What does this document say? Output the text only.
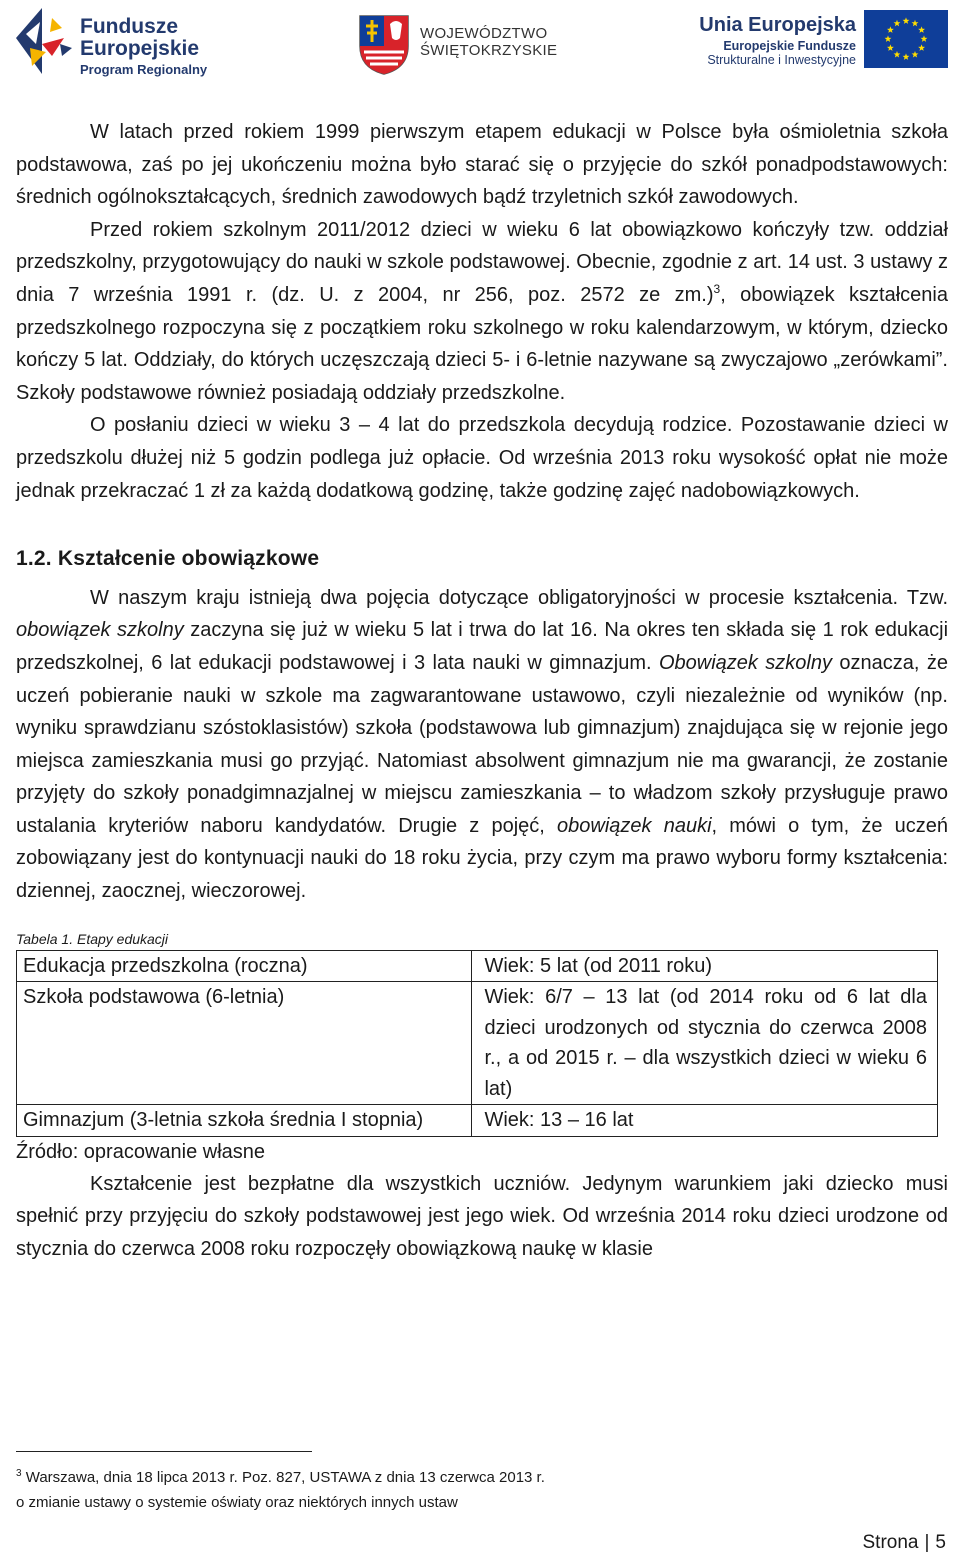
Fundusze
Europejskie
Program Regionalny
WOJEWÓDZTWO
ŚWIĘTOKRZYSKIE
Unia Europejska
Europejskie Fundusze
Strukturalne i Inwestycyjne

W latach przed rokiem 1999 pierwszym etapem edukacji w Polsce była ośmioletnia szkoła podstawowa, zaś po jej ukończeniu można było starać się o przyjęcie do szkół ponadpodstawowych: średnich ogólnokształcących, średnich zawodowych bądź trzyletnich szkół zawodowych.

Przed rokiem szkolnym 2011/2012 dzieci w wieku 6 lat obowiązkowo kończyły tzw. oddział przedszkolny, przygotowujący do nauki w szkole podstawowej. Obecnie, zgodnie z art. 14 ust. 3 ustawy z dnia 7 września 1991 r. (dz. U. z 2004, nr 256, poz. 2572 ze zm.)$^3$, obowiązek kształcenia przedszkolnego rozpoczyna się z początkiem roku szkolnego w roku kalendarzowym, w którym, dziecko kończy 5 lat. Oddziały, do których uczęszczają dzieci 5- i 6-letnie nazywane są zwyczajowo „zerówkami”. Szkoły podstawowe również posiadają oddziały przedszkolne.

O posłaniu dzieci w wieku 3 – 4 lat do przedszkola decydują rodzice. Pozostawanie dzieci w przedszkolu dłużej niż 5 godzin podlega już opłacie. Od września 2013 roku wysokość opłat nie może jednak przekraczać 1 zł za każdą dodatkową godzinę, także godzinę zajęć nadobowiązkowych.

1.2. Kształcenie obowiązkowe

W naszym kraju istnieją dwa pojęcia dotyczące obligatoryjności w procesie kształcenia. Tzw. obowiązek szkolny zaczyna się już w wieku 5 lat i trwa do lat 16. Na okres ten składa się 1 rok edukacji przedszkolnej, 6 lat edukacji podstawowej i 3 lata nauki w gimnazjum. Obowiązek szkolny oznacza, że uczeń pobieranie nauki w szkole ma zagwarantowane ustawowo, czyli niezależnie od wyników (np. wyniku sprawdzianu szóstoklasistów) szkoła (podstawowa lub gimnazjum) znajdująca się w rejonie jego miejsca zamieszkania musi go przyjąć. Natomiast absolwent gimnazjum nie ma gwarancji, że zostanie przyjęty do szkoły ponadgimnazjalnej w miejscu zamieszkania – to władzom szkoły przysługuje prawo ustalania kryteriów naboru kandydatów. Drugie z pojęć, obowiązek nauki, mówi o tym, że uczeń zobowiązany jest do kontynuacji nauki do 18 roku życia, przy czym ma prawo wyboru formy kształcenia: dziennej, zaocznej, wieczorowej.

Tabela 1. Etapy edukacji
Edukacja przedszkolna (roczna)	Wiek: 5 lat (od 2011 roku)
Szkoła podstawowa (6-letnia)	Wiek: 6/7 – 13 lat (od 2014 roku od 6 lat dla dzieci urodzonych od stycznia do czerwca 2008 r., a od 2015 r. – dla wszystkich dzieci w wieku 6 lat)
Gimnazjum (3-letnia szkoła średnia I stopnia)	Wiek: 13 – 16 lat

Źródło: opracowanie własne

Kształcenie jest bezpłatne dla wszystkich uczniów. Jedynym warunkiem jaki dziecko musi spełnić przy przyjęciu do szkoły podstawowej jest jego wiek. Od września 2014 roku dzieci urodzone od stycznia do czerwca 2008 roku rozpoczęły obowiązkową naukę w klasie

$^3$ Warszawa, dnia 18 lipca 2013 r. Poz. 827, USTAWA z dnia 13 czerwca 2013 r.
o zmianie ustawy o systemie oświaty oraz niektórych innych ustaw
Strona | 5
